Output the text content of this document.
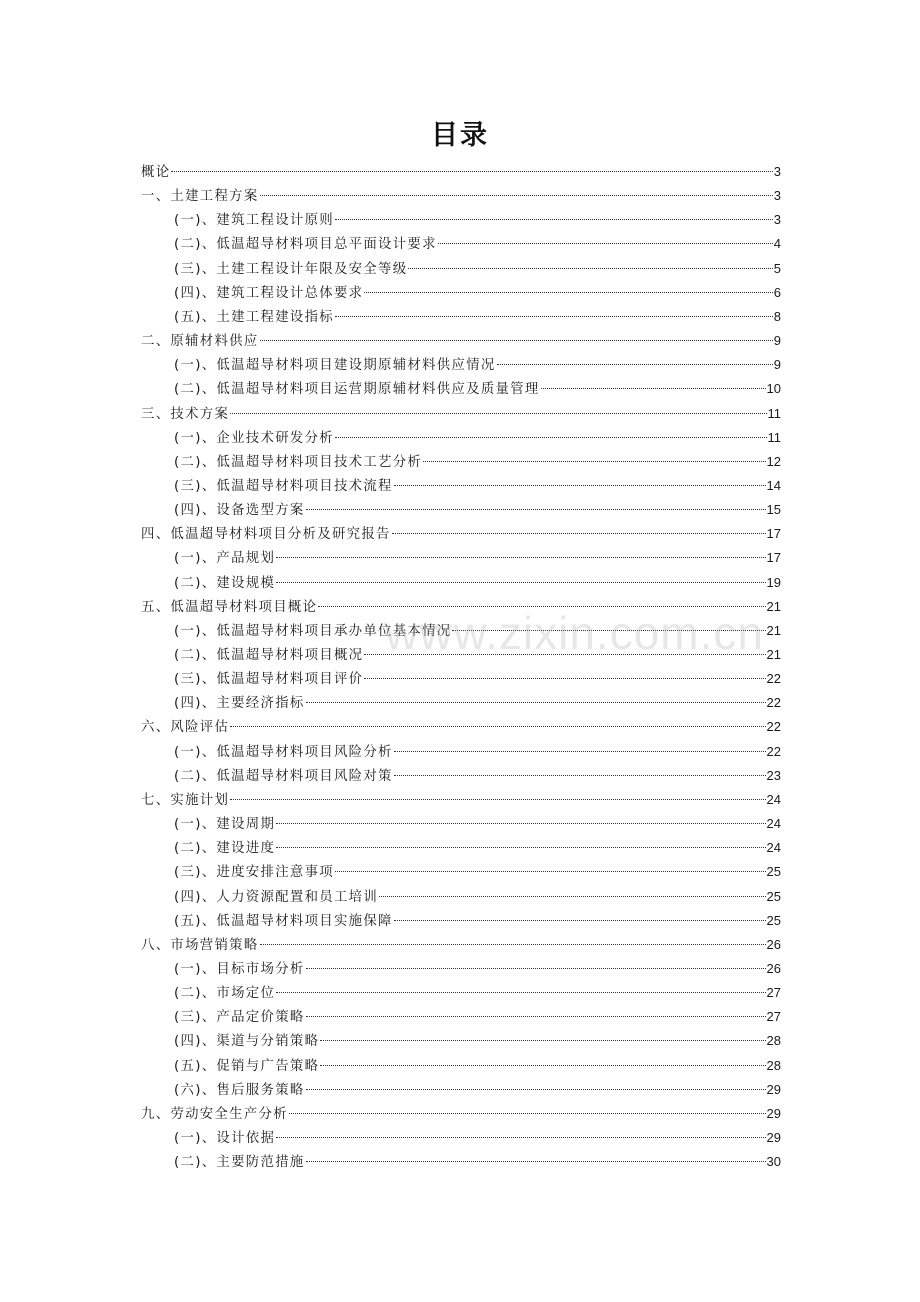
目录
概论	3
一、土建工程方案	3
(一)、建筑工程设计原则	3
(二)、低温超导材料项目总平面设计要求	4
(三)、土建工程设计年限及安全等级	5
(四)、建筑工程设计总体要求	6
(五)、土建工程建设指标	8
二、原辅材料供应	9
(一)、低温超导材料项目建设期原辅材料供应情况	9
(二)、低温超导材料项目运营期原辅材料供应及质量管理	10
三、技术方案	11
(一)、企业技术研发分析	11
(二)、低温超导材料项目技术工艺分析	12
(三)、低温超导材料项目技术流程	14
(四)、设备选型方案	15
四、低温超导材料项目分析及研究报告	17
(一)、产品规划	17
(二)、建设规模	19
五、低温超导材料项目概论	21
(一)、低温超导材料项目承办单位基本情况	21
(二)、低温超导材料项目概况	21
(三)、低温超导材料项目评价	22
(四)、主要经济指标	22
六、风险评估	22
(一)、低温超导材料项目风险分析	22
(二)、低温超导材料项目风险对策	23
七、实施计划	24
(一)、建设周期	24
(二)、建设进度	24
(三)、进度安排注意事项	25
(四)、人力资源配置和员工培训	25
(五)、低温超导材料项目实施保障	25
八、市场营销策略	26
(一)、目标市场分析	26
(二)、市场定位	27
(三)、产品定价策略	27
(四)、渠道与分销策略	28
(五)、促销与广告策略	28
(六)、售后服务策略	29
九、劳动安全生产分析	29
(一)、设计依据	29
(二)、主要防范措施	30
www.zixin.com.cn
